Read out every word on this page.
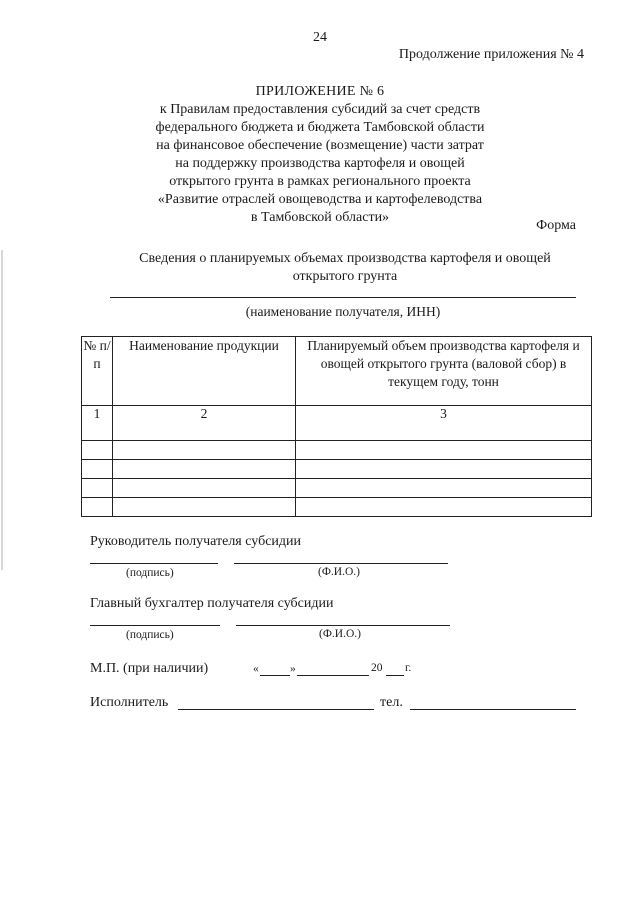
24
Продолжение приложения № 4
ПРИЛОЖЕНИЕ № 6
к Правилам предоставления субсидий за счет средств
федерального бюджета и бюджета Тамбовской области
на финансовое обеспечение (возмещение) части затрат
на поддержку производства картофеля и овощей
открытого грунта в рамках регионального проекта
«Развитие отраслей овощеводства и картофелеводства
в Тамбовской области»
Форма
Сведения о планируемых объемах производства картофеля и овощей
открытого грунта
(наименование получателя, ИНН)
№ п/п	Наименование продукции	Планируемый объем производства картофеля и овощей открытого грунта (валовой сбор) в текущем году, тонн
1	2	3

Руководитель получателя субсидии
(подпись)	(Ф.И.О.)
Главный бухгалтер получателя субсидии
(подпись)	(Ф.И.О.)
М.П. (при наличии)	«	»	20 г.
Исполнитель	тел.
